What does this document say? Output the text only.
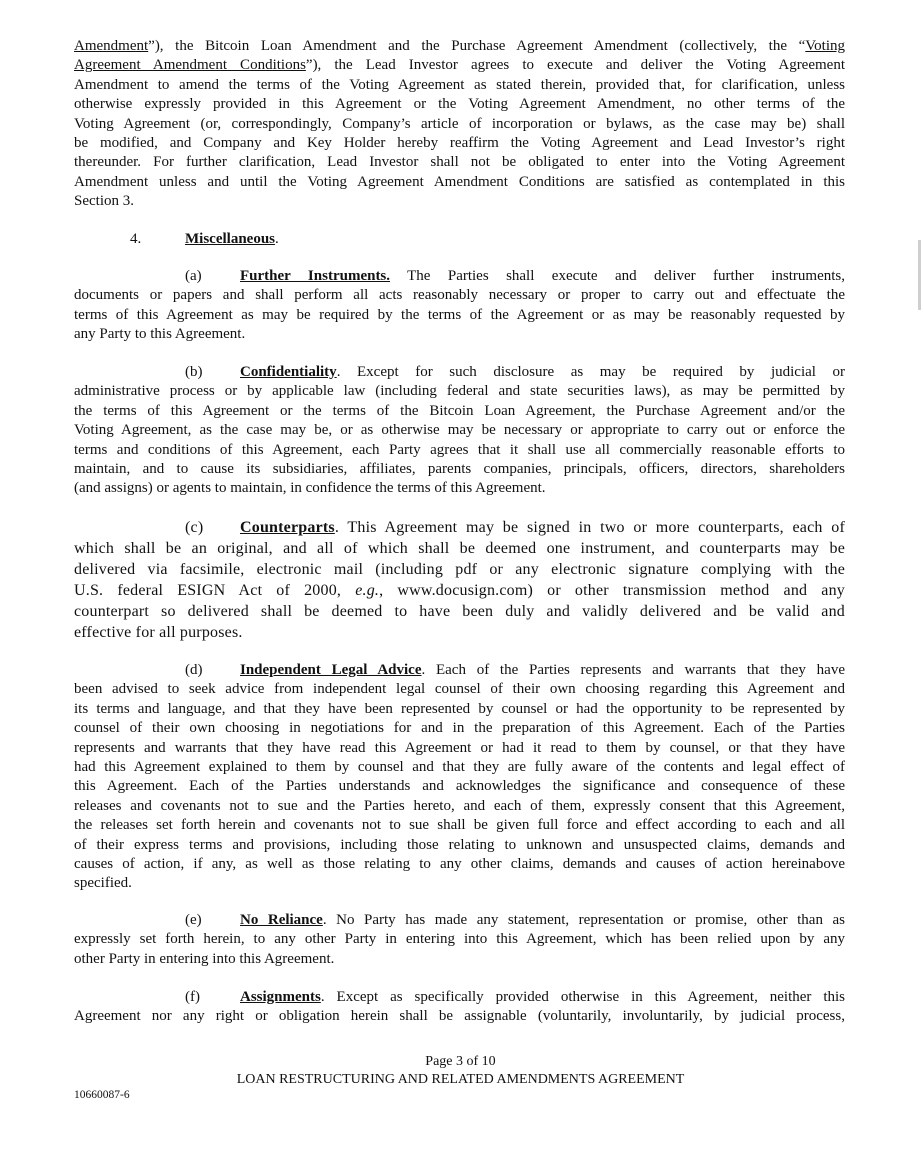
Amendment”), the Bitcoin Loan Amendment and the Purchase Agreement Amendment (collectively, the “Voting
Agreement Amendment Conditions”), the Lead Investor agrees to execute and deliver the Voting Agreement
Amendment to amend the terms of the Voting Agreement as stated therein, provided that, for clarification, unless
otherwise expressly provided in this Agreement or the Voting Agreement Amendment, no other terms of the
Voting Agreement (or, correspondingly, Company’s article of incorporation or bylaws, as the case may be) shall
be modified, and Company and Key Holder hereby reaffirm the Voting Agreement and Lead Investor’s right
thereunder. For further clarification, Lead Investor shall not be obligated to enter into the Voting Agreement
Amendment unless and until the Voting Agreement Amendment Conditions are satisfied as contemplated in this
Section 3.
4.	Miscellaneous.
(a)	Further Instruments. The Parties shall execute and deliver further instruments,
documents or papers and shall perform all acts reasonably necessary or proper to carry out and effectuate the
terms of this Agreement as may be required by the terms of the Agreement or as may be reasonably requested by
any Party to this Agreement.
(b)	Confidentiality. Except for such disclosure as may be required by judicial or
administrative process or by applicable law (including federal and state securities laws), as may be permitted by
the terms of this Agreement or the terms of the Bitcoin Loan Agreement, the Purchase Agreement and/or the
Voting Agreement, as the case may be, or as otherwise may be necessary or appropriate to carry out or enforce the
terms and conditions of this Agreement, each Party agrees that it shall use all commercially reasonable efforts to
maintain, and to cause its subsidiaries, affiliates, parents companies, principals, officers, directors, shareholders
(and assigns) or agents to maintain, in confidence the terms of this Agreement.
(c) Counterparts. This Agreement may be signed in two or more counterparts, each of
which shall be an original, and all of which shall be deemed one instrument, and counterparts may be
delivered via facsimile, electronic mail (including pdf or any electronic signature complying with the
U.S. federal ESIGN Act of 2000, e.g., www.docusign.com) or other transmission method and any
counterpart so delivered shall be deemed to have been duly and validly delivered and be valid and
effective for all purposes.
(d)	Independent Legal Advice. Each of the Parties represents and warrants that they have
been advised to seek advice from independent legal counsel of their own choosing regarding this Agreement and
its terms and language, and that they have been represented by counsel or had the opportunity to be represented by
counsel of their own choosing in negotiations for and in the preparation of this Agreement. Each of the Parties
represents and warrants that they have read this Agreement or had it read to them by counsel, or that they have
had this Agreement explained to them by counsel and that they are fully aware of the contents and legal effect of
this Agreement. Each of the Parties understands and acknowledges the significance and consequence of these
releases and covenants not to sue and the Parties hereto, and each of them, expressly consent that this Agreement,
the releases set forth herein and covenants not to sue shall be given full force and effect according to each and all
of their express terms and provisions, including those relating to unknown and unsuspected claims, demands and
causes of action, if any, as well as those relating to any other claims, demands and causes of action hereinabove
specified.
(e)	No Reliance. No Party has made any statement, representation or promise, other than as
expressly set forth herein, to any other Party in entering into this Agreement, which has been relied upon by any
other Party in entering into this Agreement.
(f)	Assignments. Except as specifically provided otherwise in this Agreement, neither this
Agreement nor any right or obligation herein shall be assignable (voluntarily, involuntarily, by judicial process,
Page 3 of 10
LOAN RESTRUCTURING AND RELATED AMENDMENTS AGREEMENT
10660087-6
